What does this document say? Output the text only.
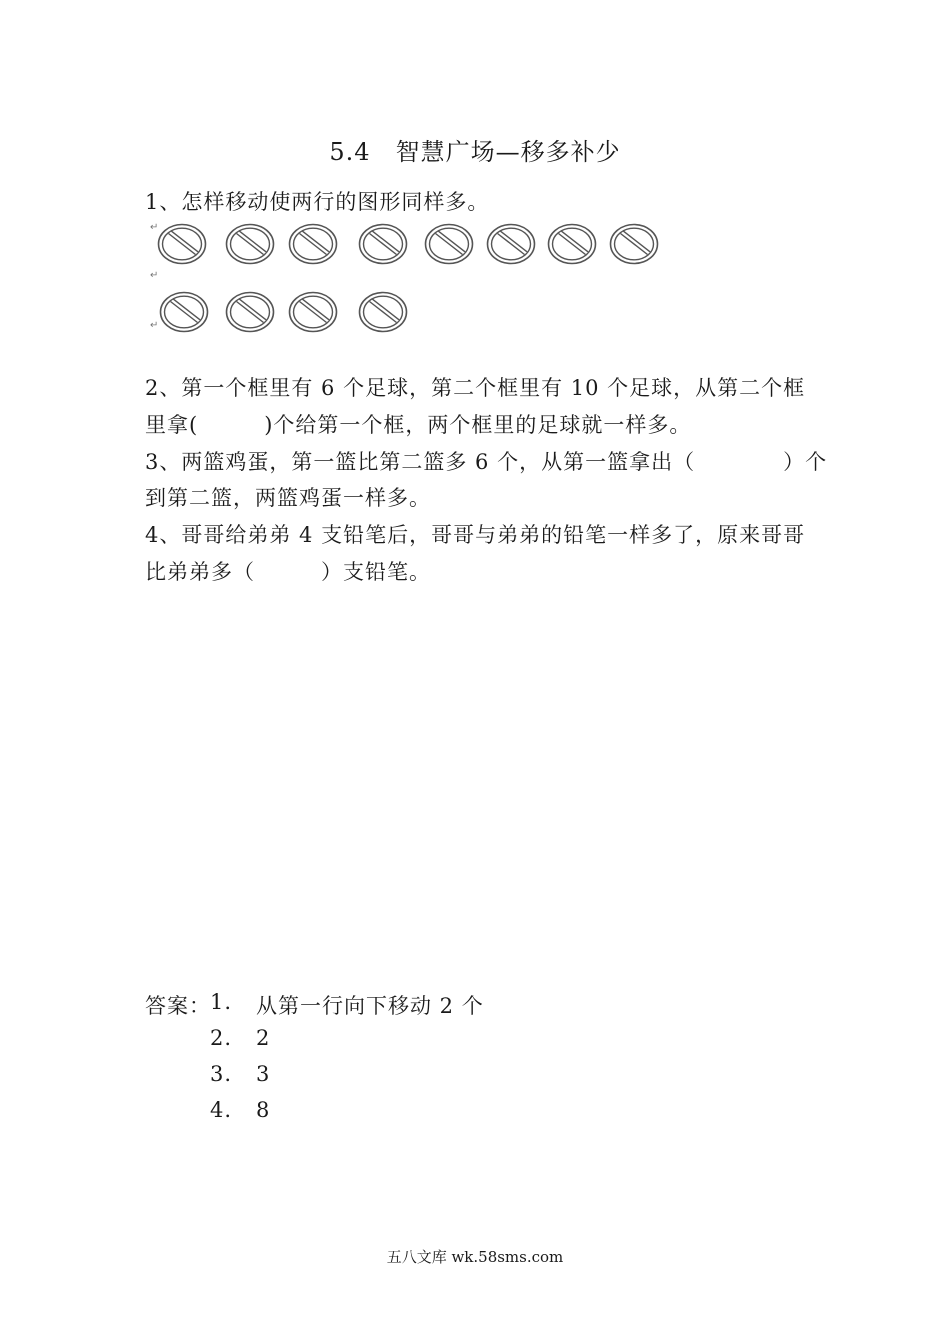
5.4　智慧广场—移多补少
1、怎样移动使两行的图形同样多。
↵
↵
↵
2、第一个框里有 6 个足球，第二个框里有 10 个足球，从第二个框
里拿(　　　)个给第一个框，两个框里的足球就一样多。
3、两篮鸡蛋，第一篮比第二篮多 6 个，从第一篮拿出（　　　　）个
到第二篮，两篮鸡蛋一样多。
4、哥哥给弟弟 4 支铅笔后，哥哥与弟弟的铅笔一样多了，原来哥哥
比弟弟多（　　　）支铅笔。
答案： 1. 从第一行向下移动 2 个
2. 2
3. 3
4. 8
五八文库 wk.58sms.com
